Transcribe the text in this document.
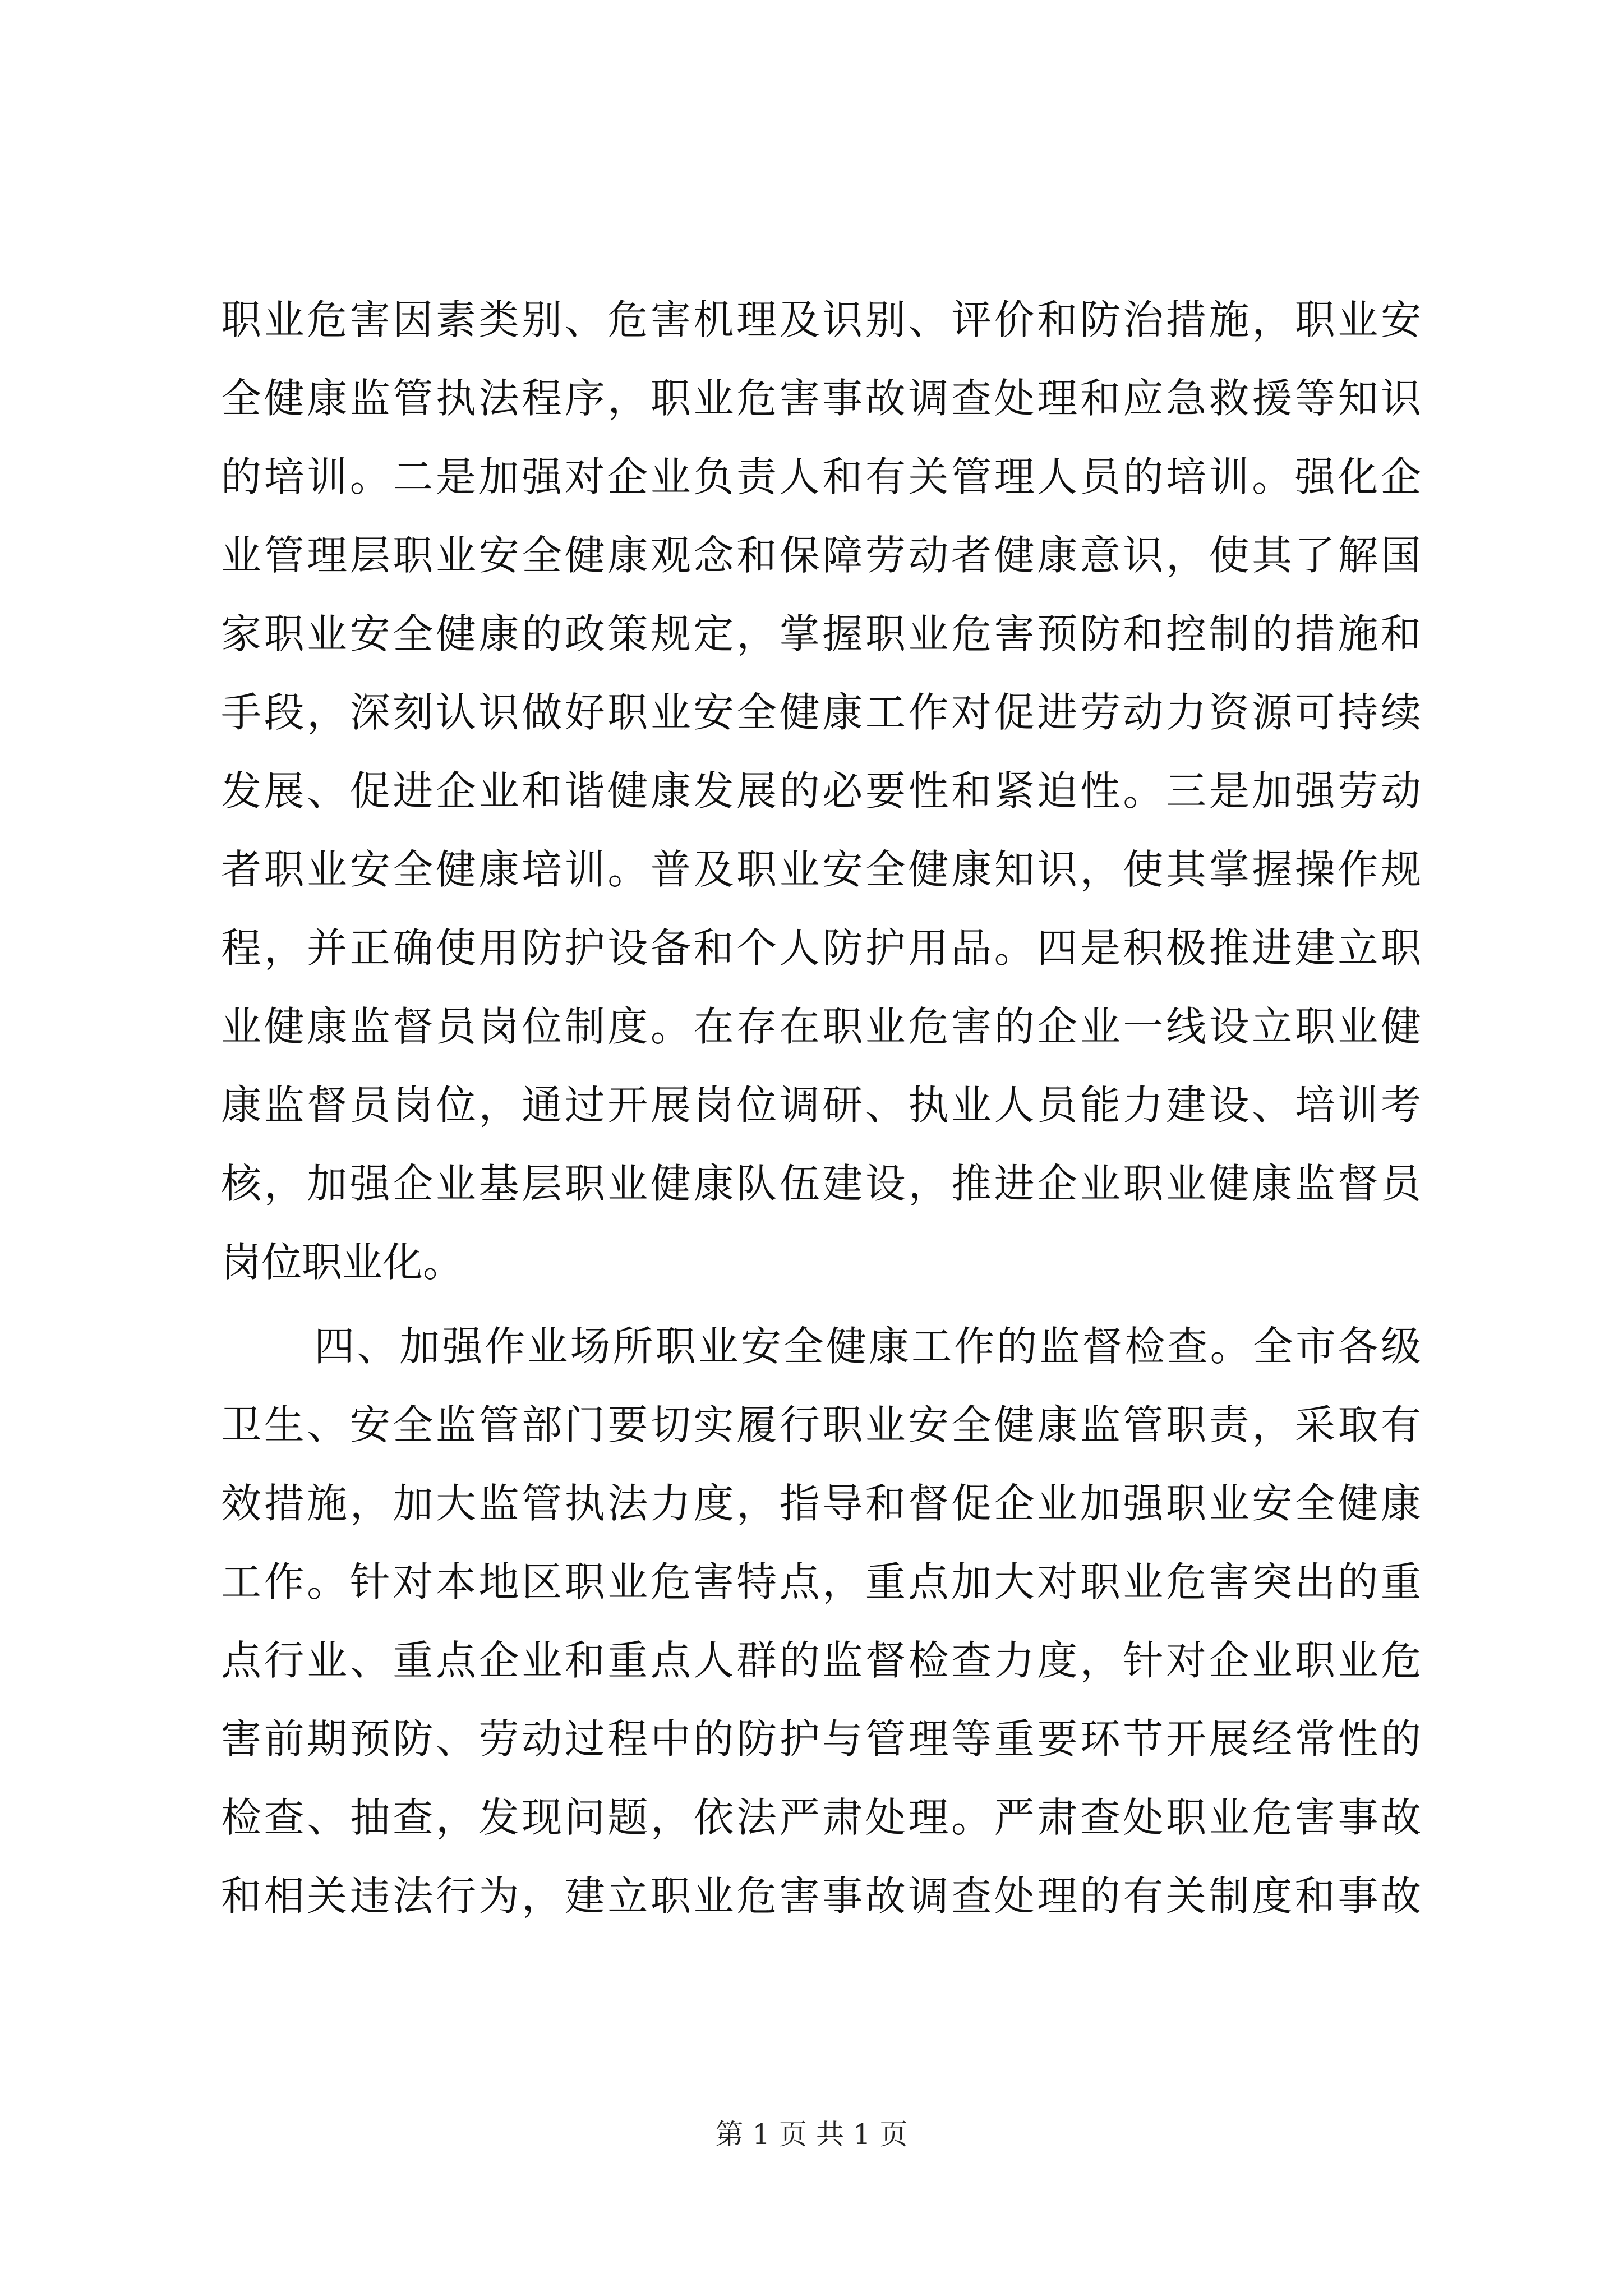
职业危害因素类别、危害机理及识别、评价和防治措施，职业安
全健康监管执法程序，职业危害事故调查处理和应急救援等知识
的培训。二是加强对企业负责人和有关管理人员的培训。强化企
业管理层职业安全健康观念和保障劳动者健康意识，使其了解国
家职业安全健康的政策规定，掌握职业危害预防和控制的措施和
手段，深刻认识做好职业安全健康工作对促进劳动力资源可持续
发展、促进企业和谐健康发展的必要性和紧迫性。三是加强劳动
者职业安全健康培训。普及职业安全健康知识，使其掌握操作规
程，并正确使用防护设备和个人防护用品。四是积极推进建立职
业健康监督员岗位制度。在存在职业危害的企业一线设立职业健
康监督员岗位，通过开展岗位调研、执业人员能力建设、培训考
核，加强企业基层职业健康队伍建设，推进企业职业健康监督员
岗位职业化。
四、加强作业场所职业安全健康工作的监督检查。全市各级
卫生、安全监管部门要切实履行职业安全健康监管职责，采取有
效措施，加大监管执法力度，指导和督促企业加强职业安全健康
工作。针对本地区职业危害特点，重点加大对职业危害突出的重
点行业、重点企业和重点人群的监督检查力度，针对企业职业危
害前期预防、劳动过程中的防护与管理等重要环节开展经常性的
检查、抽查，发现问题，依法严肃处理。严肃查处职业危害事故
和相关违法行为，建立职业危害事故调查处理的有关制度和事故
第 1 页 共 1 页
